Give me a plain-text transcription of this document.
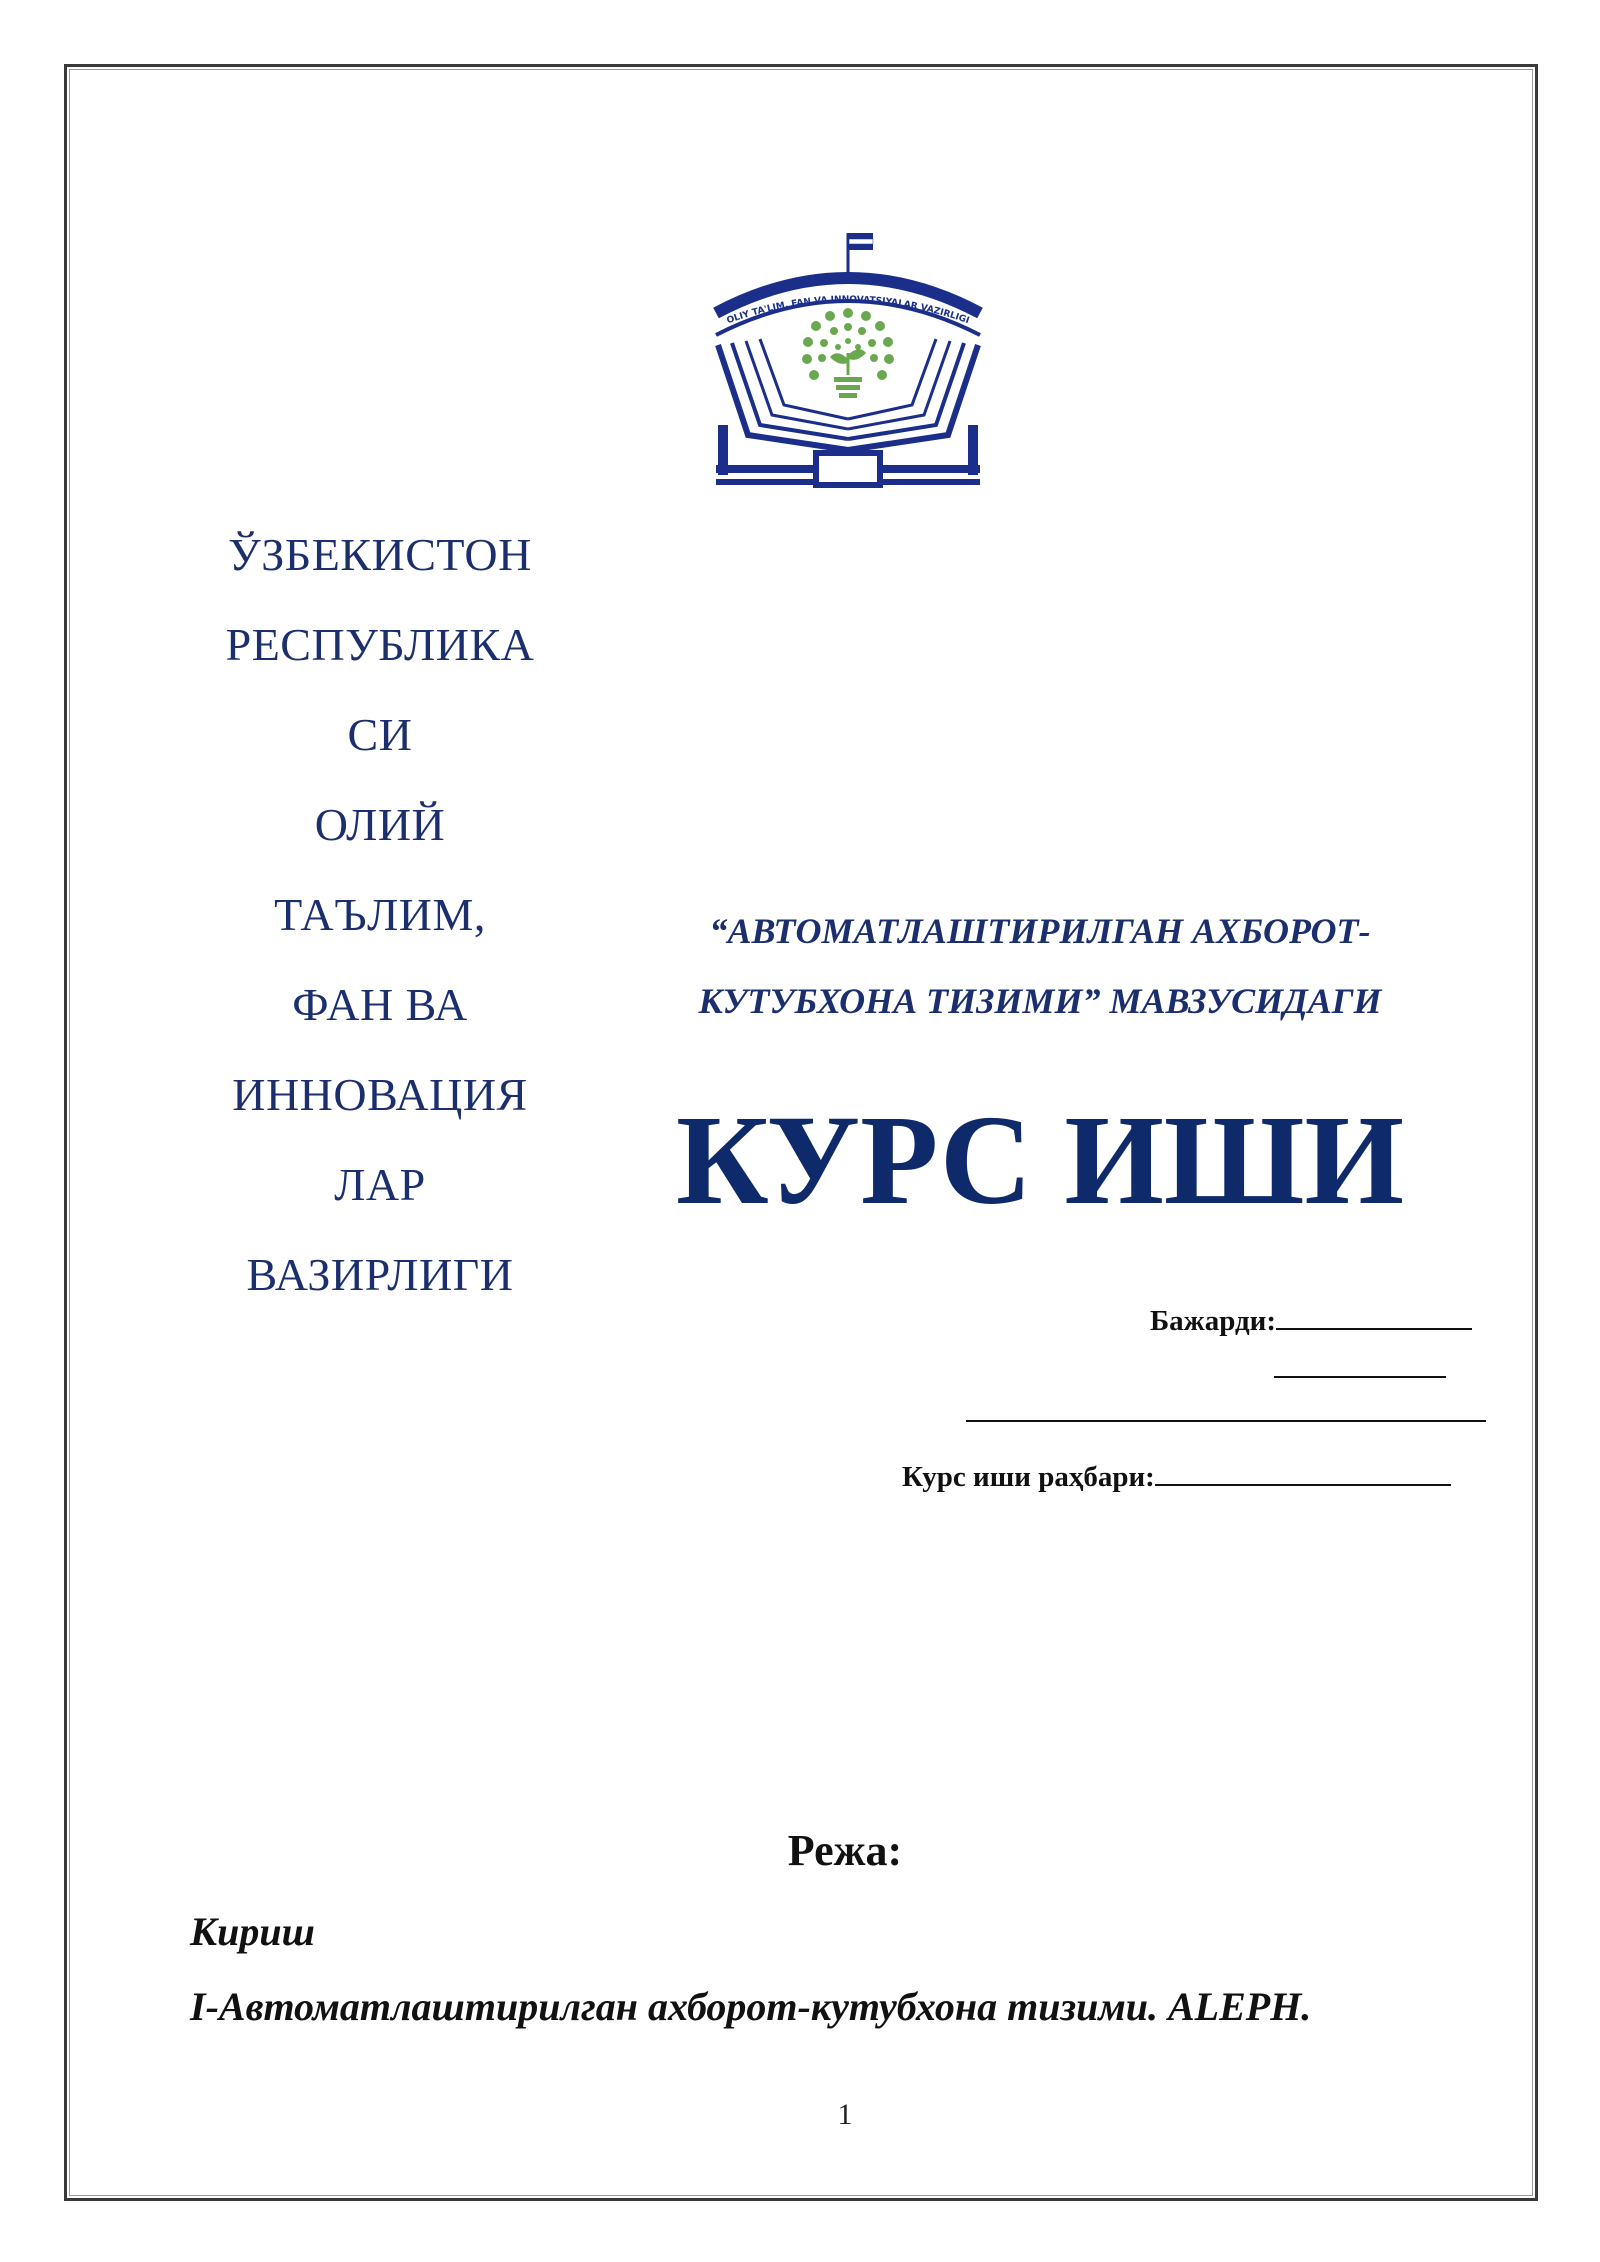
O'ZBEKISTON RESPUBLIKASI
OLIY TA'LIM, FAN VA INNOVATSIYALAR VAZIRLIGI
ЎЗБЕКИСТОН
РЕСПУБЛИКА
СИ
ОЛИЙ
ТАЪЛИМ,
ФАН ВА
ИННОВАЦИЯ
ЛАР
ВАЗИРЛИГИ
“АВТОМАТЛАШТИРИЛГАН АХБОРОТ-
КУТУБХОНА ТИЗИМИ” МАВЗУСИДАГИ
КУРС ИШИ
Бажарди:
Курс иши раҳбари:
Режа:
Кириш
I-Автоматлаштирилган ахборот-кутубхона тизими. ALEPH.
1
